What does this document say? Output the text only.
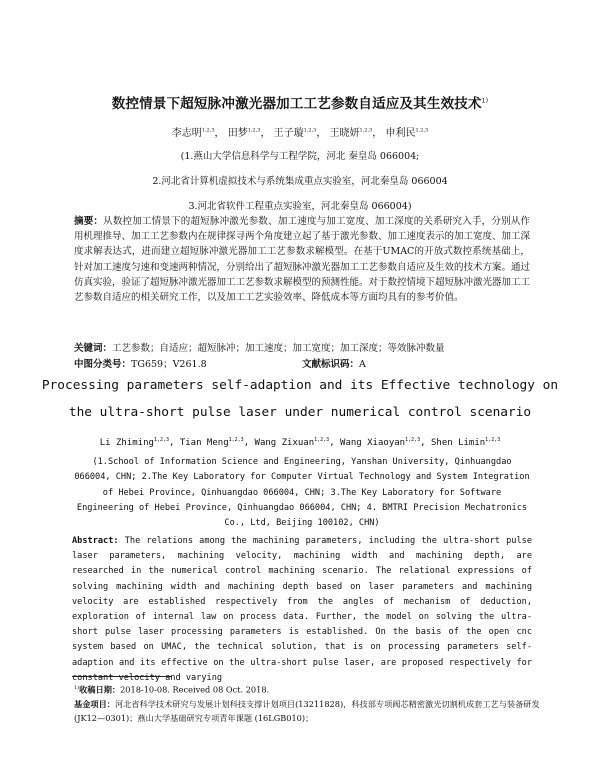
数控情景下超短脉冲激光器加工工艺参数自适应及其生效技术$^{1)}$
李志明$^{1,2,3}$， 田梦$^{1,2,3}$， 王子璇$^{1,2,3}$， 王晓妍$^{1,2,3}$， 申利民$^{1,2,3}$
(1.燕山大学信息科学与工程学院，河北 秦皇岛 066004;
2.河北省计算机虚拟技术与系统集成重点实验室，河北秦皇岛 066004
3.河北省软件工程重点实验室，河北秦皇岛 066004)
摘要：从数控加工情景下的超短脉冲激光参数、加工速度与加工宽度、加工深度的关系研究入手，分别从作用机理推导、加工工艺参数内在规律探寻两个角度建立起了基于激光参数、加工速度表示的加工宽度、加工深度求解表达式，进而建立超短脉冲激光器加工工艺参数求解模型。在基于UMAC的开放式数控系统基础上，针对加工速度匀速和变速两种情况，分别给出了超短脉冲激光器加工工艺参数自适应及生效的技术方案。通过仿真实验，验证了超短脉冲激光器加工工艺参数求解模型的预测性能。对于数控情境下超短脉冲激光器加工工艺参数自适应的相关研究工作，以及加工工艺实验效率、降低成本等方面均具有的参考价值。
关键词：工艺参数；自适应；超短脉冲；加工速度；加工宽度；加工深度；等效脉冲数量
中图分类号：TG659；V261.8	文献标识码：A
Processing parameters self-adaption and its Effective technology on
the ultra-short pulse laser under numerical control scenario
Li Zhiming$^{1,2,3}$, Tian Meng$^{1,2,3}$, Wang Zixuan$^{1,2,3}$, Wang Xiaoyan$^{1,2,3}$, Shen Limin$^{1,2,3}$
(1.School of Information Science and Engineering, Yanshan University, Qinhuangdao 066004, CHN; 2.The Key Laboratory for Computer Virtual Technology and System Integration of Hebei Province, Qinhuangdao 066004, CHN; 3.The Key Laboratory for Software Engineering of Hebei Province, Qinhuangdao 066004, CHN; 4. BMTRI Precision Mechatronics Co., Ltd, Beijing 100102, CHN)
Abstract: The relations among the machining parameters, including the ultra-short pulse laser parameters, machining velocity, machining width and machining depth, are researched in the numerical control machining scenario. The relational expressions of solving machining width and machining depth based on laser parameters and machining velocity are established respectively from the angles of mechanism of deduction, exploration of internal law on process data. Further, the model on solving the ultra-short pulse laser processing parameters is established. On the basis of the open cnc system based on UMAC, the technical solution, that is on processing parameters self-adaption and its effective on the ultra-short pulse laser, are proposed respectively for constant velocity and varying
$^{1)}$收稿日期：2018-10-08. Received 08 Oct. 2018.
基金项目：河北省科学技术研究与发展计划科技支撑计划项目(13211828)，科技部专项阀芯精密激光切割机成套工艺与装备研发(JK12—0301)；燕山大学基础研究专项青年课题 (16LGB010)；
